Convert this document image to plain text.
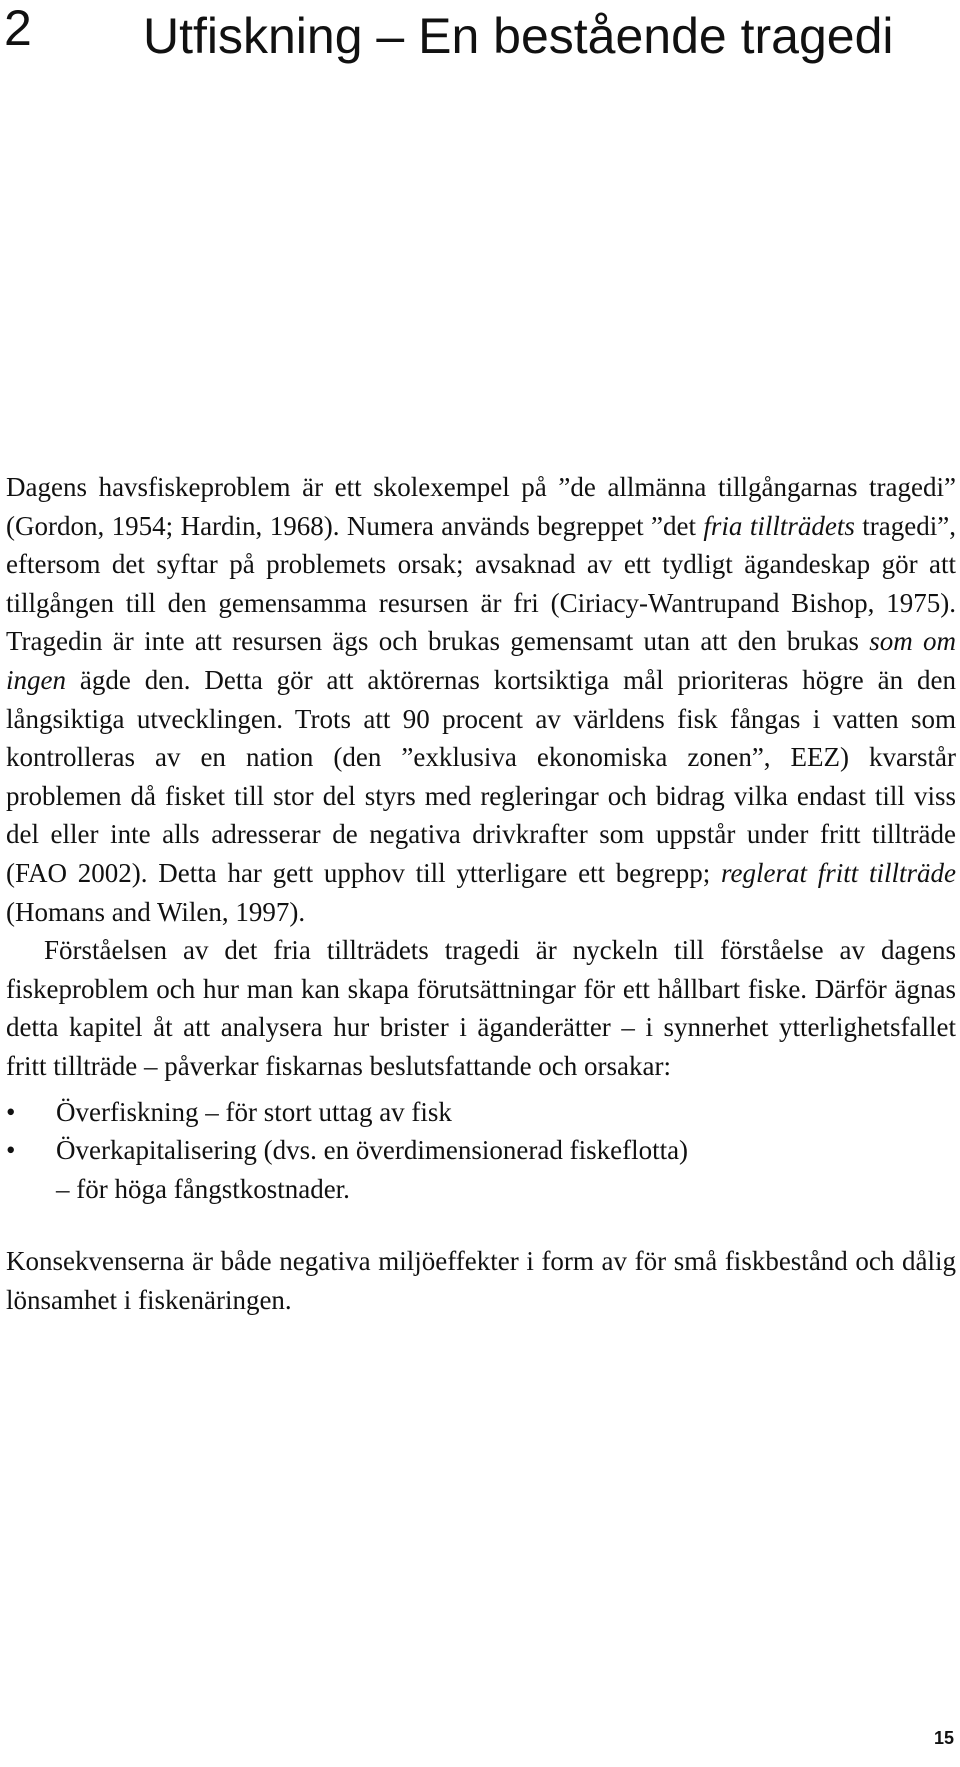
2 Utfiskning – En bestående tragedi

Dagens havsfiskeproblem är ett skolexempel på ”de allmänna tillgångarnas tragedi” (Gordon, 1954; Hardin, 1968). Numera används begreppet ”det fria tillträdets tragedi”, eftersom det syftar på problemets orsak; avsaknad av ett tydligt ägandeskap gör att tillgången till den gemensamma resursen är fri (Ciriacy-Wantrupand Bishop, 1975). Tragedin är inte att resursen ägs och brukas gemensamt utan att den brukas som om ingen ägde den. Detta gör att aktörernas kortsiktiga mål prioriteras högre än den långsiktiga utvecklingen. Trots att 90 procent av världens fisk fångas i vatten som kontrolleras av en nation (den ”exklusiva ekonomiska zonen”, EEZ) kvarstår problemen då fisket till stor del styrs med regleringar och bidrag vilka endast till viss del eller inte alls adresserar de negativa drivkrafter som uppstår under fritt tillträde (FAO 2002). Detta har gett upphov till ytterligare ett begrepp; reglerat fritt tillträde (Homans and Wilen, 1997).

Förståelsen av det fria tillträdets tragedi är nyckeln till förståelse av dagens fiskeproblem och hur man kan skapa förutsättningar för ett hållbart fiske. Därför ägnas detta kapitel åt att analysera hur brister i äganderätter – i synnerhet ytterlighetsfallet fritt tillträde – påverkar fiskarnas beslutsfattande och orsakar:

• Överfiskning – för stort uttag av fisk
• Överkapitalisering (dvs. en överdimensionerad fiskeflotta)
– för höga fångstkostnader.

Konsekvenserna är både negativa miljöeffekter i form av för små fiskbestånd och dålig lönsamhet i fiskenäringen.

15
